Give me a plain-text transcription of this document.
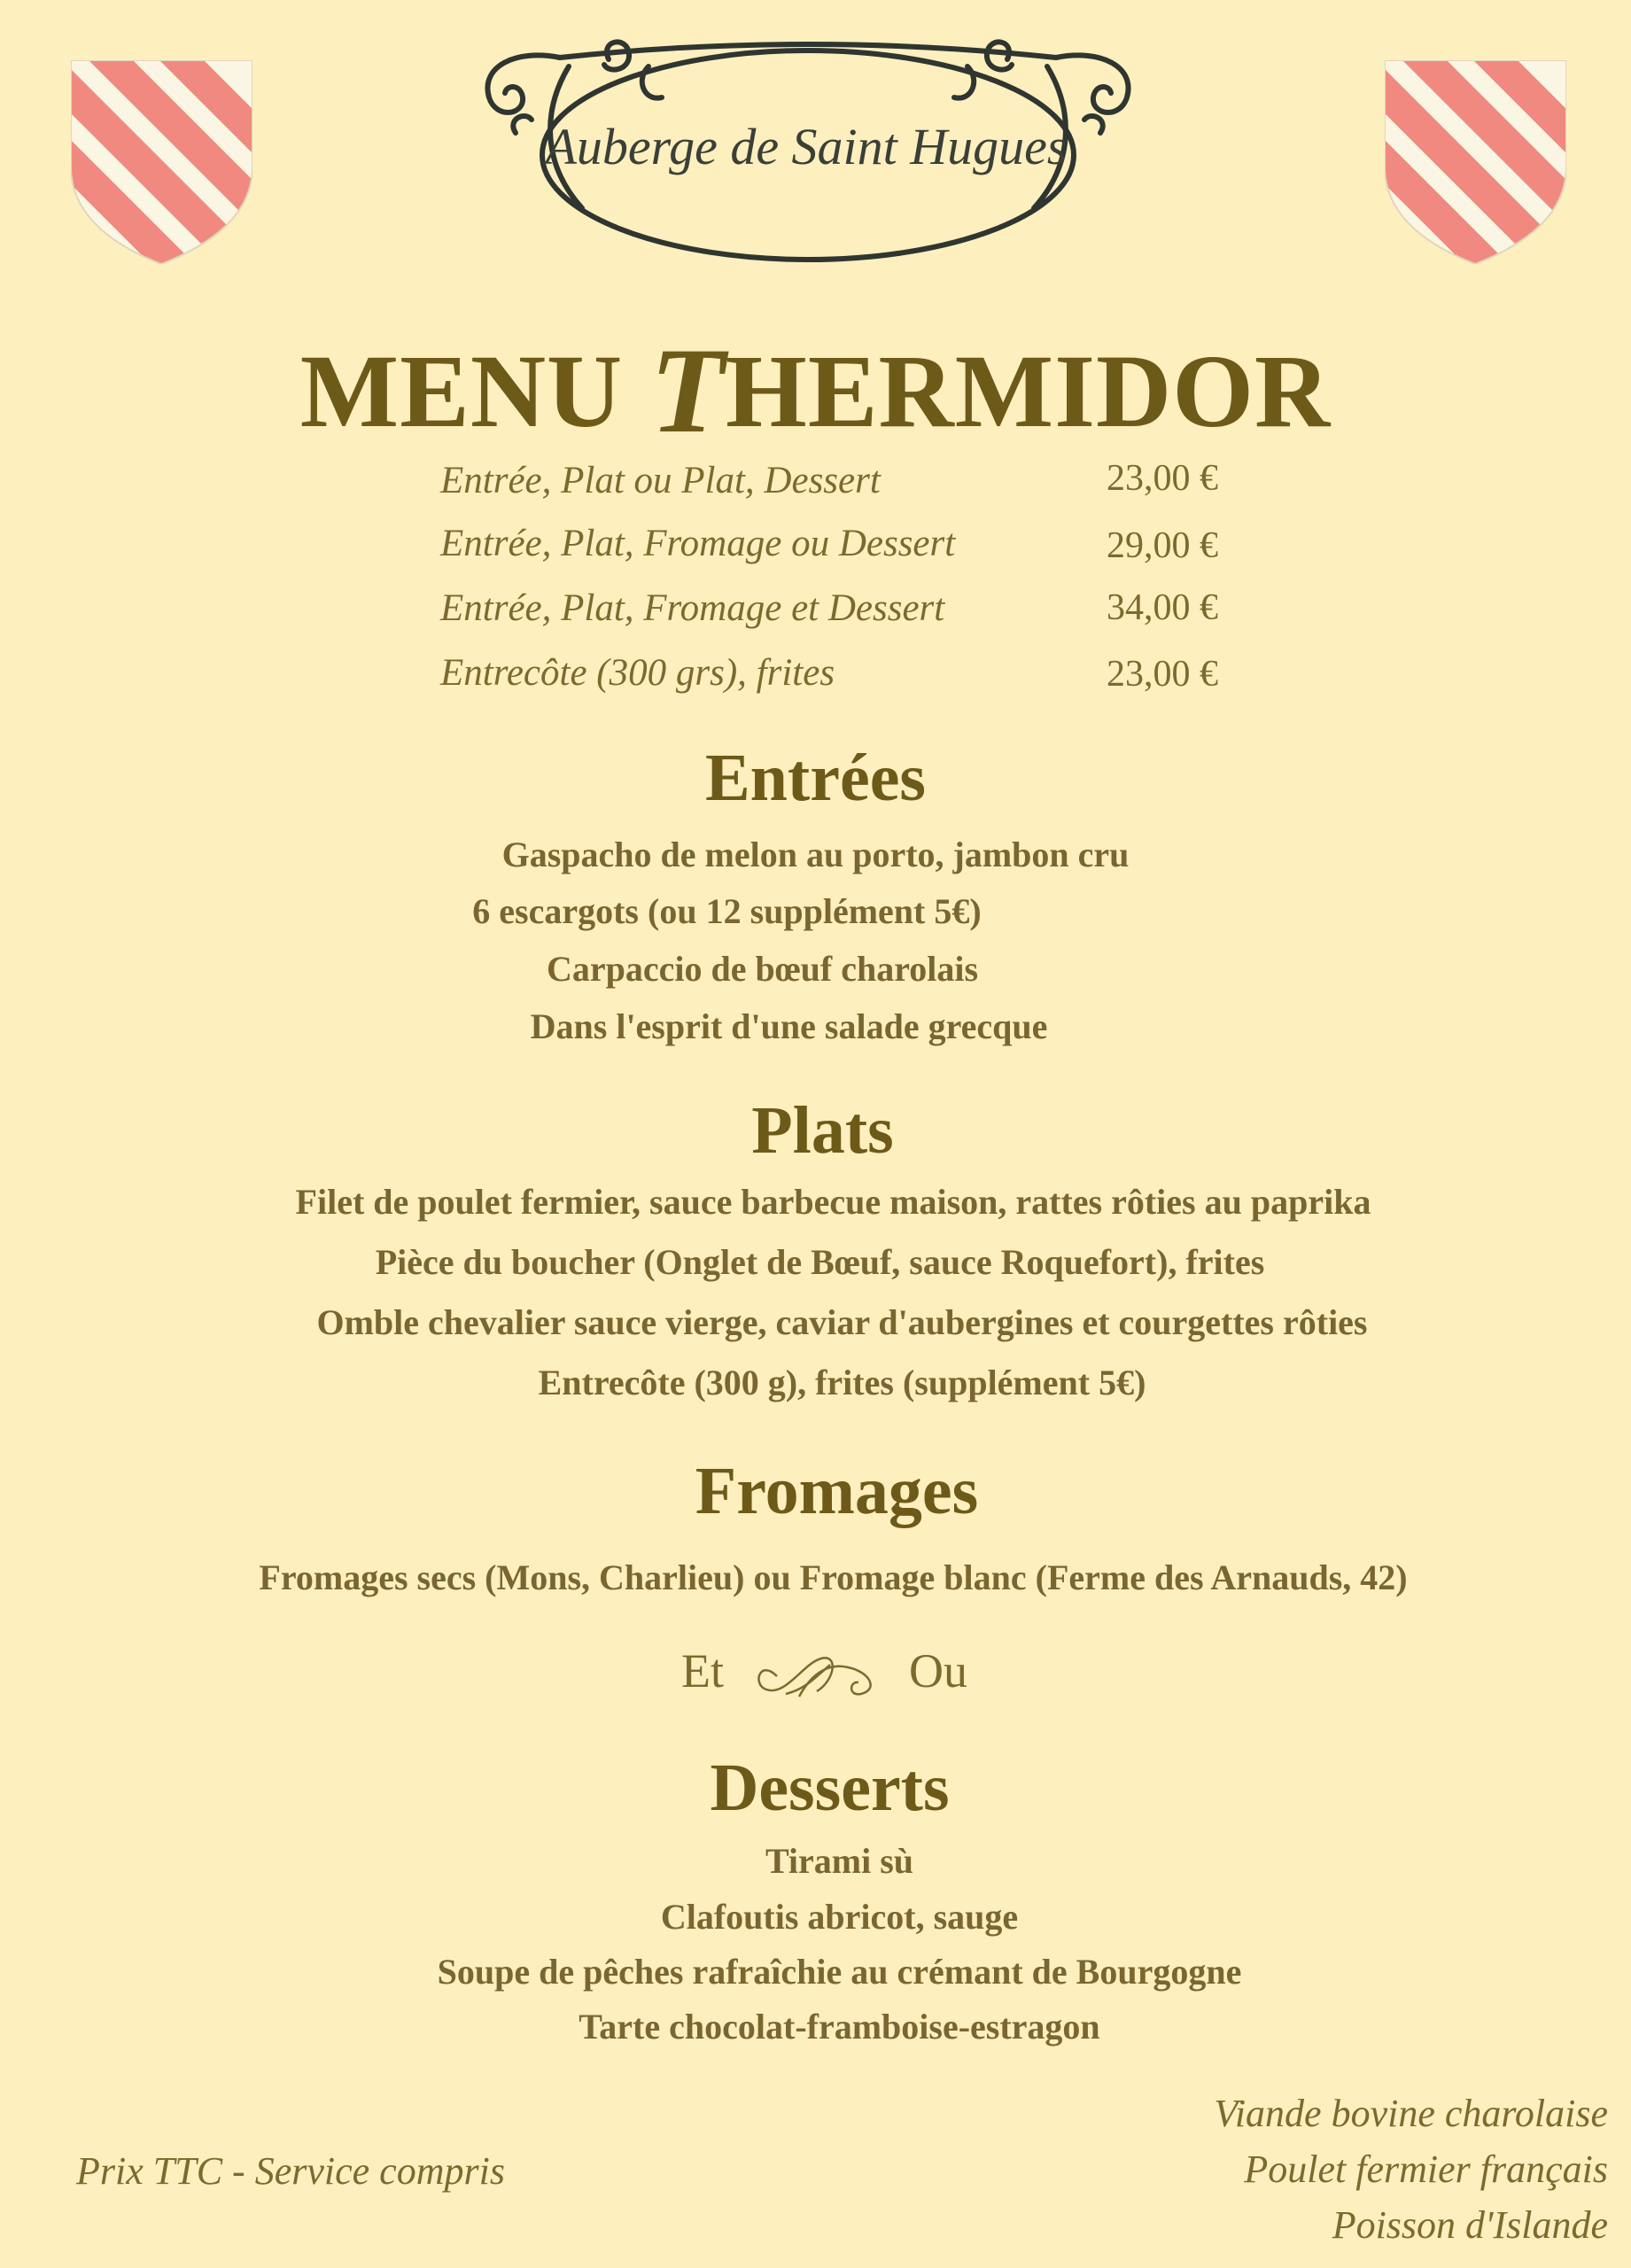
Auberge de Saint Hugues
MENU THERMIDOR
Entrée, Plat ou Plat, Dessert	23,00 €
Entrée, Plat, Fromage ou Dessert	29,00 €
Entrée, Plat, Fromage et Dessert	34,00 €
Entrecôte (300 grs), frites	23,00 €
Entrées
Gaspacho de melon au porto, jambon cru
6 escargots (ou 12 supplément 5€)
Carpaccio de bœuf charolais
Dans l'esprit d'une salade grecque
Plats
Filet de poulet fermier, sauce barbecue maison, rattes rôties au paprika
Pièce du boucher (Onglet de Bœuf, sauce Roquefort), frites
Omble chevalier sauce vierge, caviar d'aubergines et courgettes rôties
Entrecôte (300 g), frites (supplément 5€)
Fromages
Fromages secs (Mons, Charlieu) ou Fromage blanc (Ferme des Arnauds, 42)
Et	Ou
Desserts
Tirami sù
Clafoutis abricot, sauge
Soupe de pêches rafraîchie au crémant de Bourgogne
Tarte chocolat-framboise-estragon
Prix TTC - Service compris
Viande bovine charolaise
Poulet fermier français
Poisson d'Islande
